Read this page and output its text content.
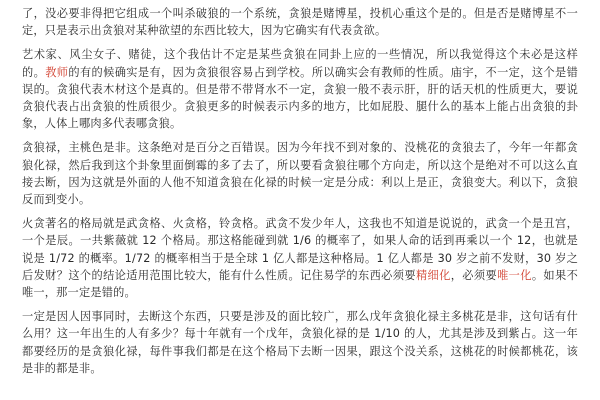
了，没必要非得把它组成一个叫杀破狼的一个系统，贪狼是赌博星，投机心重这个是的。但是否是赌博星不一定，只是表示出贪狼对某种欲望的东西比较大，因为它确实有代表贪欲。

艺术家、风尘女子、赌徒，这个我估计不定是某些贪狼在同卦上应的一些情况，所以我觉得这个未必是这样的。教师的有的候确实是有，因为贪狼很容易占到学校。所以确实会有教师的性质。庙宇，不一定，这个是错误的。贪狼代表木材这个是真的。但是带不带肾水不一定，贪狼一般不表示肝，肝的话天机的性质更大，要说贪狼代表占出贪狼的性质很少。贪狼更多的时候表示内多的地方，比如屁股、腿什么的基本上能占出贪狼的卦象，人体上哪肉多代表哪贪狼。

贪狼禄，主桃色是非。这条绝对是百分之百错误。因为今年找不到对象的、没桃花的贪狼去了，今年一年都贪狼化禄，然后我到这个卦象里面倒霉的多了去了，所以要看贪狼往哪个方向走，所以这个是绝对不可以这么直接去断，因为这就是外面的人他不知道贪狼在化禄的时候一定是分成：利以上是正，贪狼变大。利以下，贪狼反而到变小。

火贪著名的格局就是武贪格、火贪格，铃贪格。武贪不发少年人，这我也不知道是说说的，武贪一个是丑宫，一个是辰。一共紫薇就 12 个格局。那这格能碰到就 1/6 的概率了，如果人命的话到再乘以一个 12，也就是说是 1/72 的概率。1/72 的概率相当于是全球 1 亿人都是这种格局。1 亿人都是 30 岁之前不发财，30 岁之后发财？这个的结论适用范围比较大，能有什么性质。记住易学的东西必须要精细化，必须要唯一化。如果不唯一，那一定是错的。

一定是因人因事同时，去断这个东西，只要是涉及的面比较广，那么戊年贪狼化禄主多桃花是非，这句话有什么用？这一年出生的人有多少？每十年就有一个戊年，贪狼化禄的是 1/10 的人，尤其是涉及到紫占。这一年都要经历的是贪狼化禄，每件事我们都是在这个格局下去断一因果，跟这个没关系，这桃花的时候都桃花，该是非的都是非。
